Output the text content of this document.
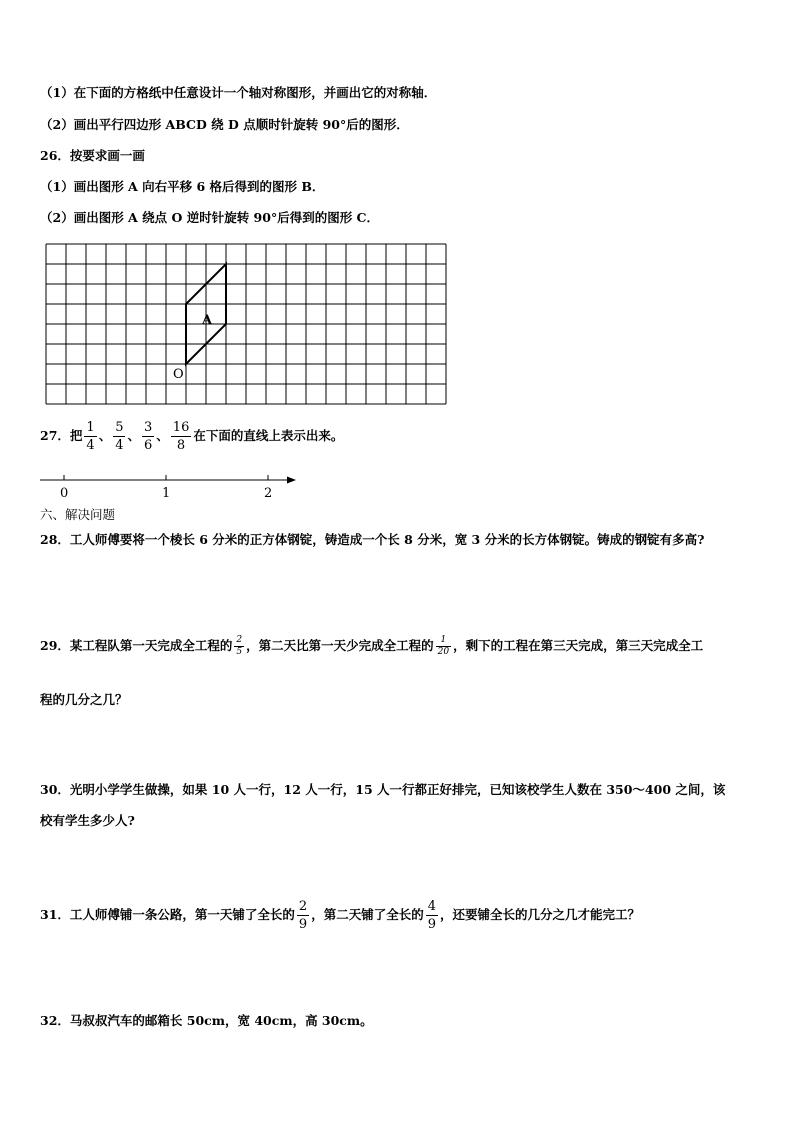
（1）在下面的方格纸中任意设计一个轴对称图形，并画出它的对称轴．
（2）画出平行四边形 ABCD 绕 D 点顺时针旋转 90°后的图形．
26．按要求画一画
（1）画出图形 A 向右平移 6 格后得到的图形 B．
（2）画出图形 A 绕点 O 逆时针旋转 90°后得到的图形 C．
A
O
27．把 $\frac{1}{4}$ 、 $\frac{5}{4}$ 、 $\frac{3}{6}$ 、 $\frac{16}{8}$ 在下面的直线上表示出来。
0	1	2
六、解决问题
28．工人师傅要将一个棱长 6 分米的正方体钢锭，铸造成一个长 8 分米，宽 3 分米的长方体钢锭。铸成的钢锭有多高?
29．某工程队第一天完成全工程的 $\frac{2}{5}$ ，第二天比第一天少完成全工程的 $\frac{1}{20}$ ，剩下的工程在第三天完成，第三天完成全工
程的几分之几？
30．光明小学学生做操，如果 10 人一行，12 人一行，15 人一行都正好排完，已知该校学生人数在 350～400 之间，该
校有学生多少人?
31．工人师傅铺一条公路，第一天铺了全长的 $\frac{2}{9}$ ，第二天铺了全长的 $\frac{4}{9}$ ，还要铺全长的几分之几才能完工？
32．马叔叔汽车的邮箱长 50cm，宽 40cm，高 30cm。
